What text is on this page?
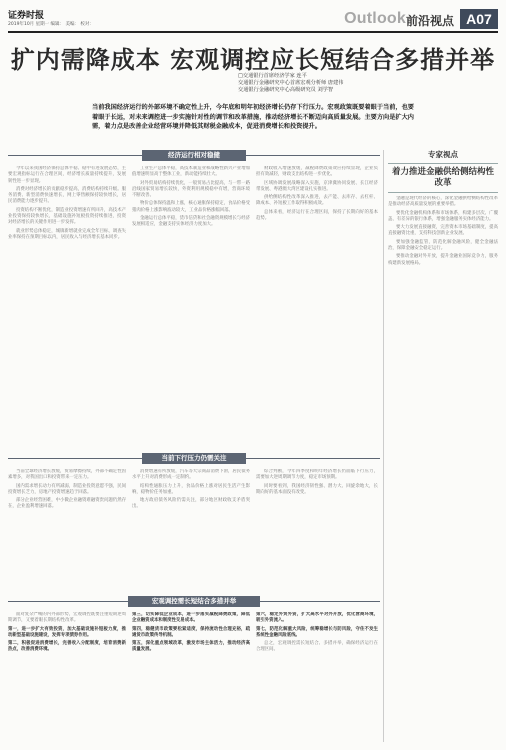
证券时报
2019年10月 星期一 编辑： 美编： 校对：	Outlook 前沿视点 A07
扩内需降成本 宏观调控应长短结合多措并举
□交通银行首席经济学家 连平
交通银行金融研究中心首席宏观分析师 唐建伟
交通银行金融研究中心高级研究员 刘学智
当前我国经济运行的外部环境不确定性上升，今年底和明年初经济增长仍存下行压力。宏观政策既要着眼于当前，也要着眼于长远，对未来调控进一步实施针对性的调节和改革措施，推动经济增长不断迈向高质量发展。主要方向是扩大内需，着力点是改善企业经营环境并降低其财税金融成本，促进消费增长和投资提升。
经济运行相对稳健

今年以来我国经济保持总体平稳、稳中有进发展态势，主要宏观指标运行在合理区间，经济增长质量持续提升，发展韧性进一步显现。

消费对经济增长的贡献稳步提高，消费结构持续升级。服务消费、新型消费快速增长，网上零售额保持较快增长，居民消费能力逐步提升。

投资结构不断优化，制造业投资增速有所回升，高技术产业投资保持较快增长，基础设施补短板投资持续推进，投资对经济增长的关键作用进一步发挥。

就业形势总体稳定，城镇新增就业完成全年目标，调查失业率保持在预期目标以内，居民收入与经济增长基本同步。

工业生产总体平稳，高技术制造业和战略性新兴产业增加值增速明显高于整体工业，新动能持续壮大。

对外贸易结构持续优化，一般贸易占比提高，与一带一路沿线国家贸易增长较快，外资利用规模稳中有增，营商环境不断改善。

物价总体保持温和上涨，核心通胀保持稳定，食品价格受猪肉价格上涨影响波动较大，工业品价格涨幅回落。

金融运行总体平稳，货币信贷和社会融资规模增长与经济发展相适应，金融支持实体经济力度加大。

财政收入增速放缓，减税降费政策效应持续显现，企业负担有效减轻，财政支出结构进一步优化。

区域协调发展战略深入实施，京津冀协同发展、长江经济带发展、粤港澳大湾区建设扎实推进。

供给侧结构性改革深入推进，去产能、去库存、去杠杆、降成本、补短板工作取得积极成效。

总体来看，经济运行在合理区间，保持了长期向好的基本趋势。

当前下行压力仍需关注

当前全球经济增长放缓，贸易摩擦持续，外部不确定性因素增多，对我国出口和投资带来一定压力。

国内需求增长动力有所减弱，制造业投资意愿不强，民间投资增长乏力，房地产投资增速趋于回落。

部分企业经营困难，中小微企业融资难融资贵问题仍然存在，企业盈利增速回落。

消费增速有所放缓，汽车等大宗商品消费下滑，居民债务水平上升对消费形成一定制约。

结构性通胀压力上升，食品价格上涨对居民生活产生影响，稳物价任务加重。

地方政府债务风险仍需关注，部分地区财政收支矛盾突出。

综合判断，今年四季度和明年经济增长仍面临下行压力，需要加大逆周期调节力度，稳定市场预期。

同时要看到，我国经济韧性强、潜力大、回旋余地大，长期向好的基本面没有改变。

宏观调控需长短结合多措并举

面对复杂严峻的内外部形势，宏观调控既要注重短期逆周期调节，又要着眼长期结构性改革。

第一，进一步扩大有效投资，加大基础设施补短板力度，推动新型基础设施建设，发挥专项债券作用。

第二，积极促进消费增长，完善收入分配制度，培育消费新热点，改善消费环境。

第三，切实降低企业成本，进一步落实减税降费政策，降低企业融资成本和制度性交易成本。

第四，稳健货币政策要松紧适度，保持流动性合理充裕，疏通货币政策传导机制。

第五，深化重点领域改革，激发市场主体活力，推动经济高质量发展。

第六，稳定外贸外资，扩大高水平对外开放，优化营商环境，吸引外资流入。

第七，防范化解重大风险，统筹稳增长与防风险，守住不发生系统性金融风险底线。

总之，宏观调控需长短结合、多措并举，确保经济运行在合理区间。

专家视点
着力推进金融供给侧结构性改革

金融是现代经济的核心，深化金融供给侧结构性改革是推动经济高质量发展的重要举措。

要优化金融机构体系和市场体系，构建多层次、广覆盖、有差异的银行体系，增强金融服务实体经济能力。

要大力发展直接融资，完善资本市场基础制度，提高直接融资比重，支持科技创新企业发展。

要加强金融监管，防范化解金融风险，健全金融法治，保障金融安全稳定运行。

要推动金融对外开放，提升金融业国际竞争力，服务构建新发展格局。
